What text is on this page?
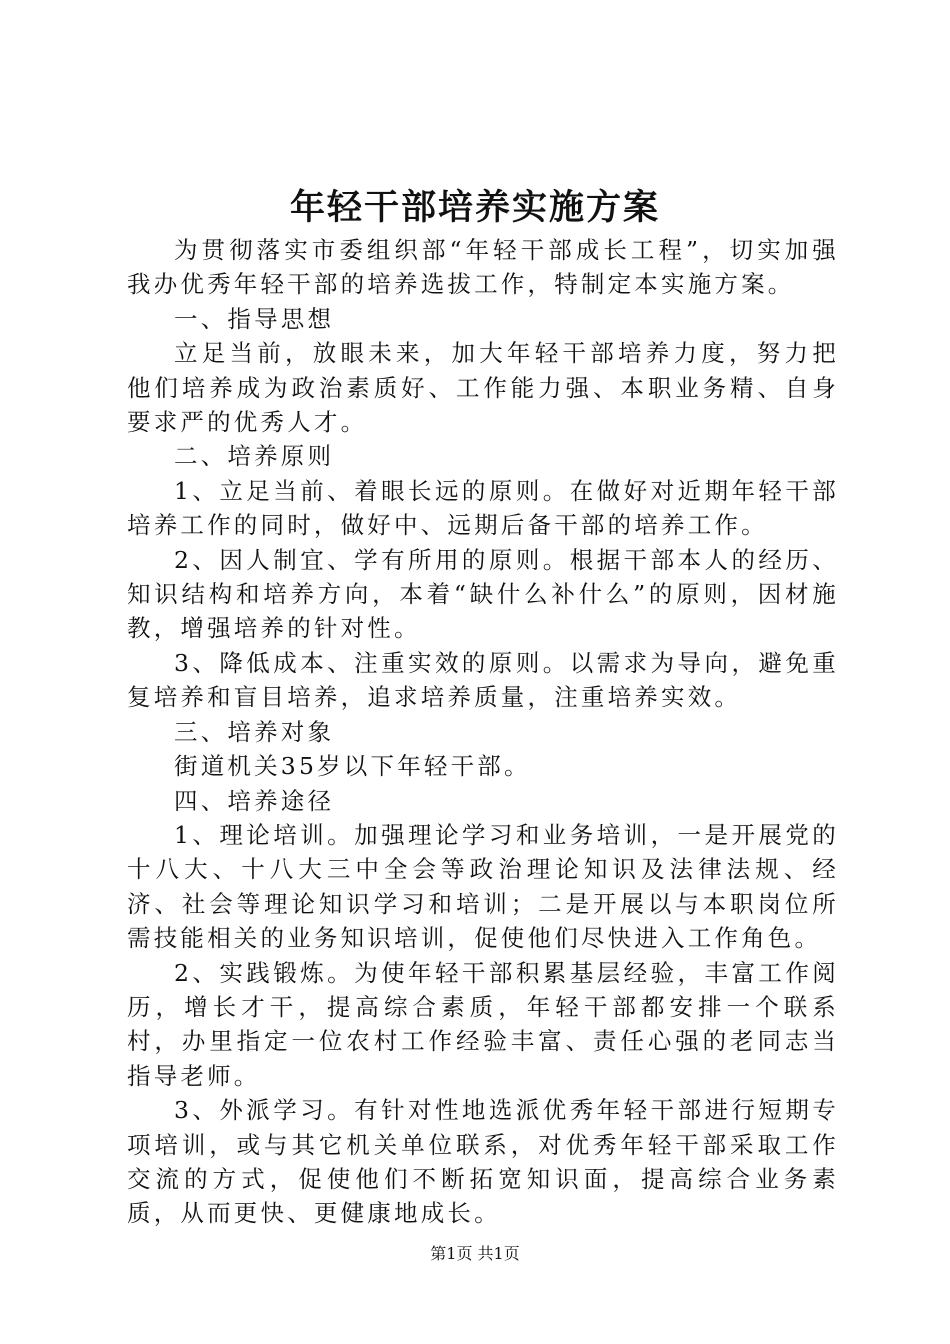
年轻干部培养实施方案

为贯彻落实市委组织部“年轻干部成长工程”，切实加强我办优秀年轻干部的培养选拔工作，特制定本实施方案。

一、指导思想

立足当前，放眼未来，加大年轻干部培养力度，努力把他们培养成为政治素质好、工作能力强、本职业务精、自身要求严的优秀人才。

二、培养原则

1、立足当前、着眼长远的原则。在做好对近期年轻干部培养工作的同时，做好中、远期后备干部的培养工作。

2、因人制宜、学有所用的原则。根据干部本人的经历、知识结构和培养方向，本着“缺什么补什么”的原则，因材施教，增强培养的针对性。

3、降低成本、注重实效的原则。以需求为导向，避免重复培养和盲目培养，追求培养质量，注重培养实效。

三、培养对象

街道机关35岁以下年轻干部。

四、培养途径

1、理论培训。加强理论学习和业务培训，一是开展党的十八大、十八大三中全会等政治理论知识及法律法规、经济、社会等理论知识学习和培训；二是开展以与本职岗位所需技能相关的业务知识培训，促使他们尽快进入工作角色。

2、实践锻炼。为使年轻干部积累基层经验，丰富工作阅历，增长才干，提高综合素质，年轻干部都安排一个联系村，办里指定一位农村工作经验丰富、责任心强的老同志当指导老师。

3、外派学习。有针对性地选派优秀年轻干部进行短期专项培训，或与其它机关单位联系，对优秀年轻干部采取工作交流的方式，促使他们不断拓宽知识面，提高综合业务素质，从而更快、更健康地成长。

第1页 共1页
